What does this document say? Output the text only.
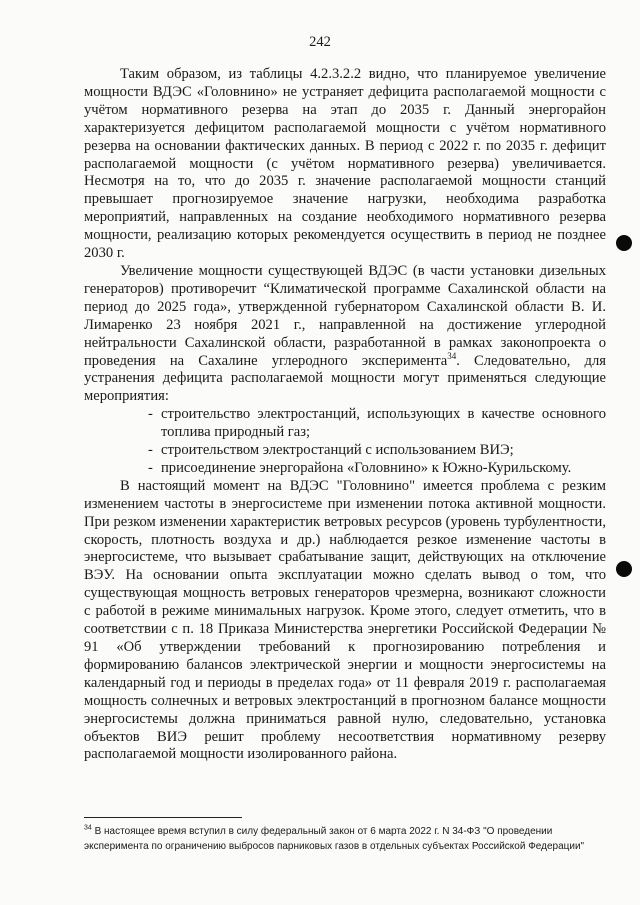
242

Таким образом, из таблицы 4.2.3.2.2 видно, что планируемое увеличение мощности ВДЭС «Головнино» не устраняет дефицита располагаемой мощности с учётом нормативного резерва на этап до 2035 г. Данный энергорайон характеризуется дефицитом располагаемой мощности с учётом нормативного резерва на основании фактических данных. В период с 2022 г. по 2035 г. дефицит располагаемой мощности (с учётом нормативного резерва) увеличивается. Несмотря на то, что до 2035 г. значение располагаемой мощности станций превышает прогнозируемое значение нагрузки, необходима разработка мероприятий, направленных на создание необходимого нормативного резерва мощности, реализацию которых рекомендуется осуществить в период не позднее 2030 г.

Увеличение мощности существующей ВДЭС (в части установки дизельных генераторов) противоречит “Климатической программе Сахалинской области на период до 2025 года», утвержденной губернатором Сахалинской области В. И. Лимаренко 23 ноября 2021 г., направленной на достижение углеродной нейтральности Сахалинской области, разработанной в рамках законопроекта о проведения на Сахалине углеродного эксперимента$^{34}$. Следовательно, для устранения дефицита располагаемой мощности могут применяться следующие мероприятия:

- строительство электростанций, использующих в качестве основного топлива природный газ;
- строительством электростанций с использованием ВИЭ;
- присоединение энергорайона «Головнино» к Южно-Курильскому.

В настоящий момент на ВДЭС "Головнино" имеется проблема с резким изменением частоты в энергосистеме при изменении потока активной мощности. При резком изменении характеристик ветровых ресурсов (уровень турбулентности, скорость, плотность воздуха и др.) наблюдается резкое изменение частоты в энергосистеме, что вызывает срабатывание защит, действующих на отключение ВЭУ. На основании опыта эксплуатации можно сделать вывод о том, что существующая мощность ветровых генераторов чрезмерна, возникают сложности с работой в режиме минимальных нагрузок. Кроме этого, следует отметить, что в соответствии с п. 18 Приказа Министерства энергетики Российской Федерации № 91 «Об утверждении требований к прогнозированию потребления и формированию балансов электрической энергии и мощности энергосистемы на календарный год и периоды в пределах года» от 11 февраля 2019 г. располагаемая мощность солнечных и ветровых электростанций в прогнозном балансе мощности энергосистемы должна приниматься равной нулю, следовательно, установка объектов ВИЭ решит проблему несоответствия нормативному резерву располагаемой мощности изолированного района.

$^{34}$ В настоящее время вступил в силу федеральный закон от 6 марта 2022 г. N 34-ФЗ "О проведении эксперимента по ограничению выбросов парниковых газов в отдельных субъектах Российской Федерации"
